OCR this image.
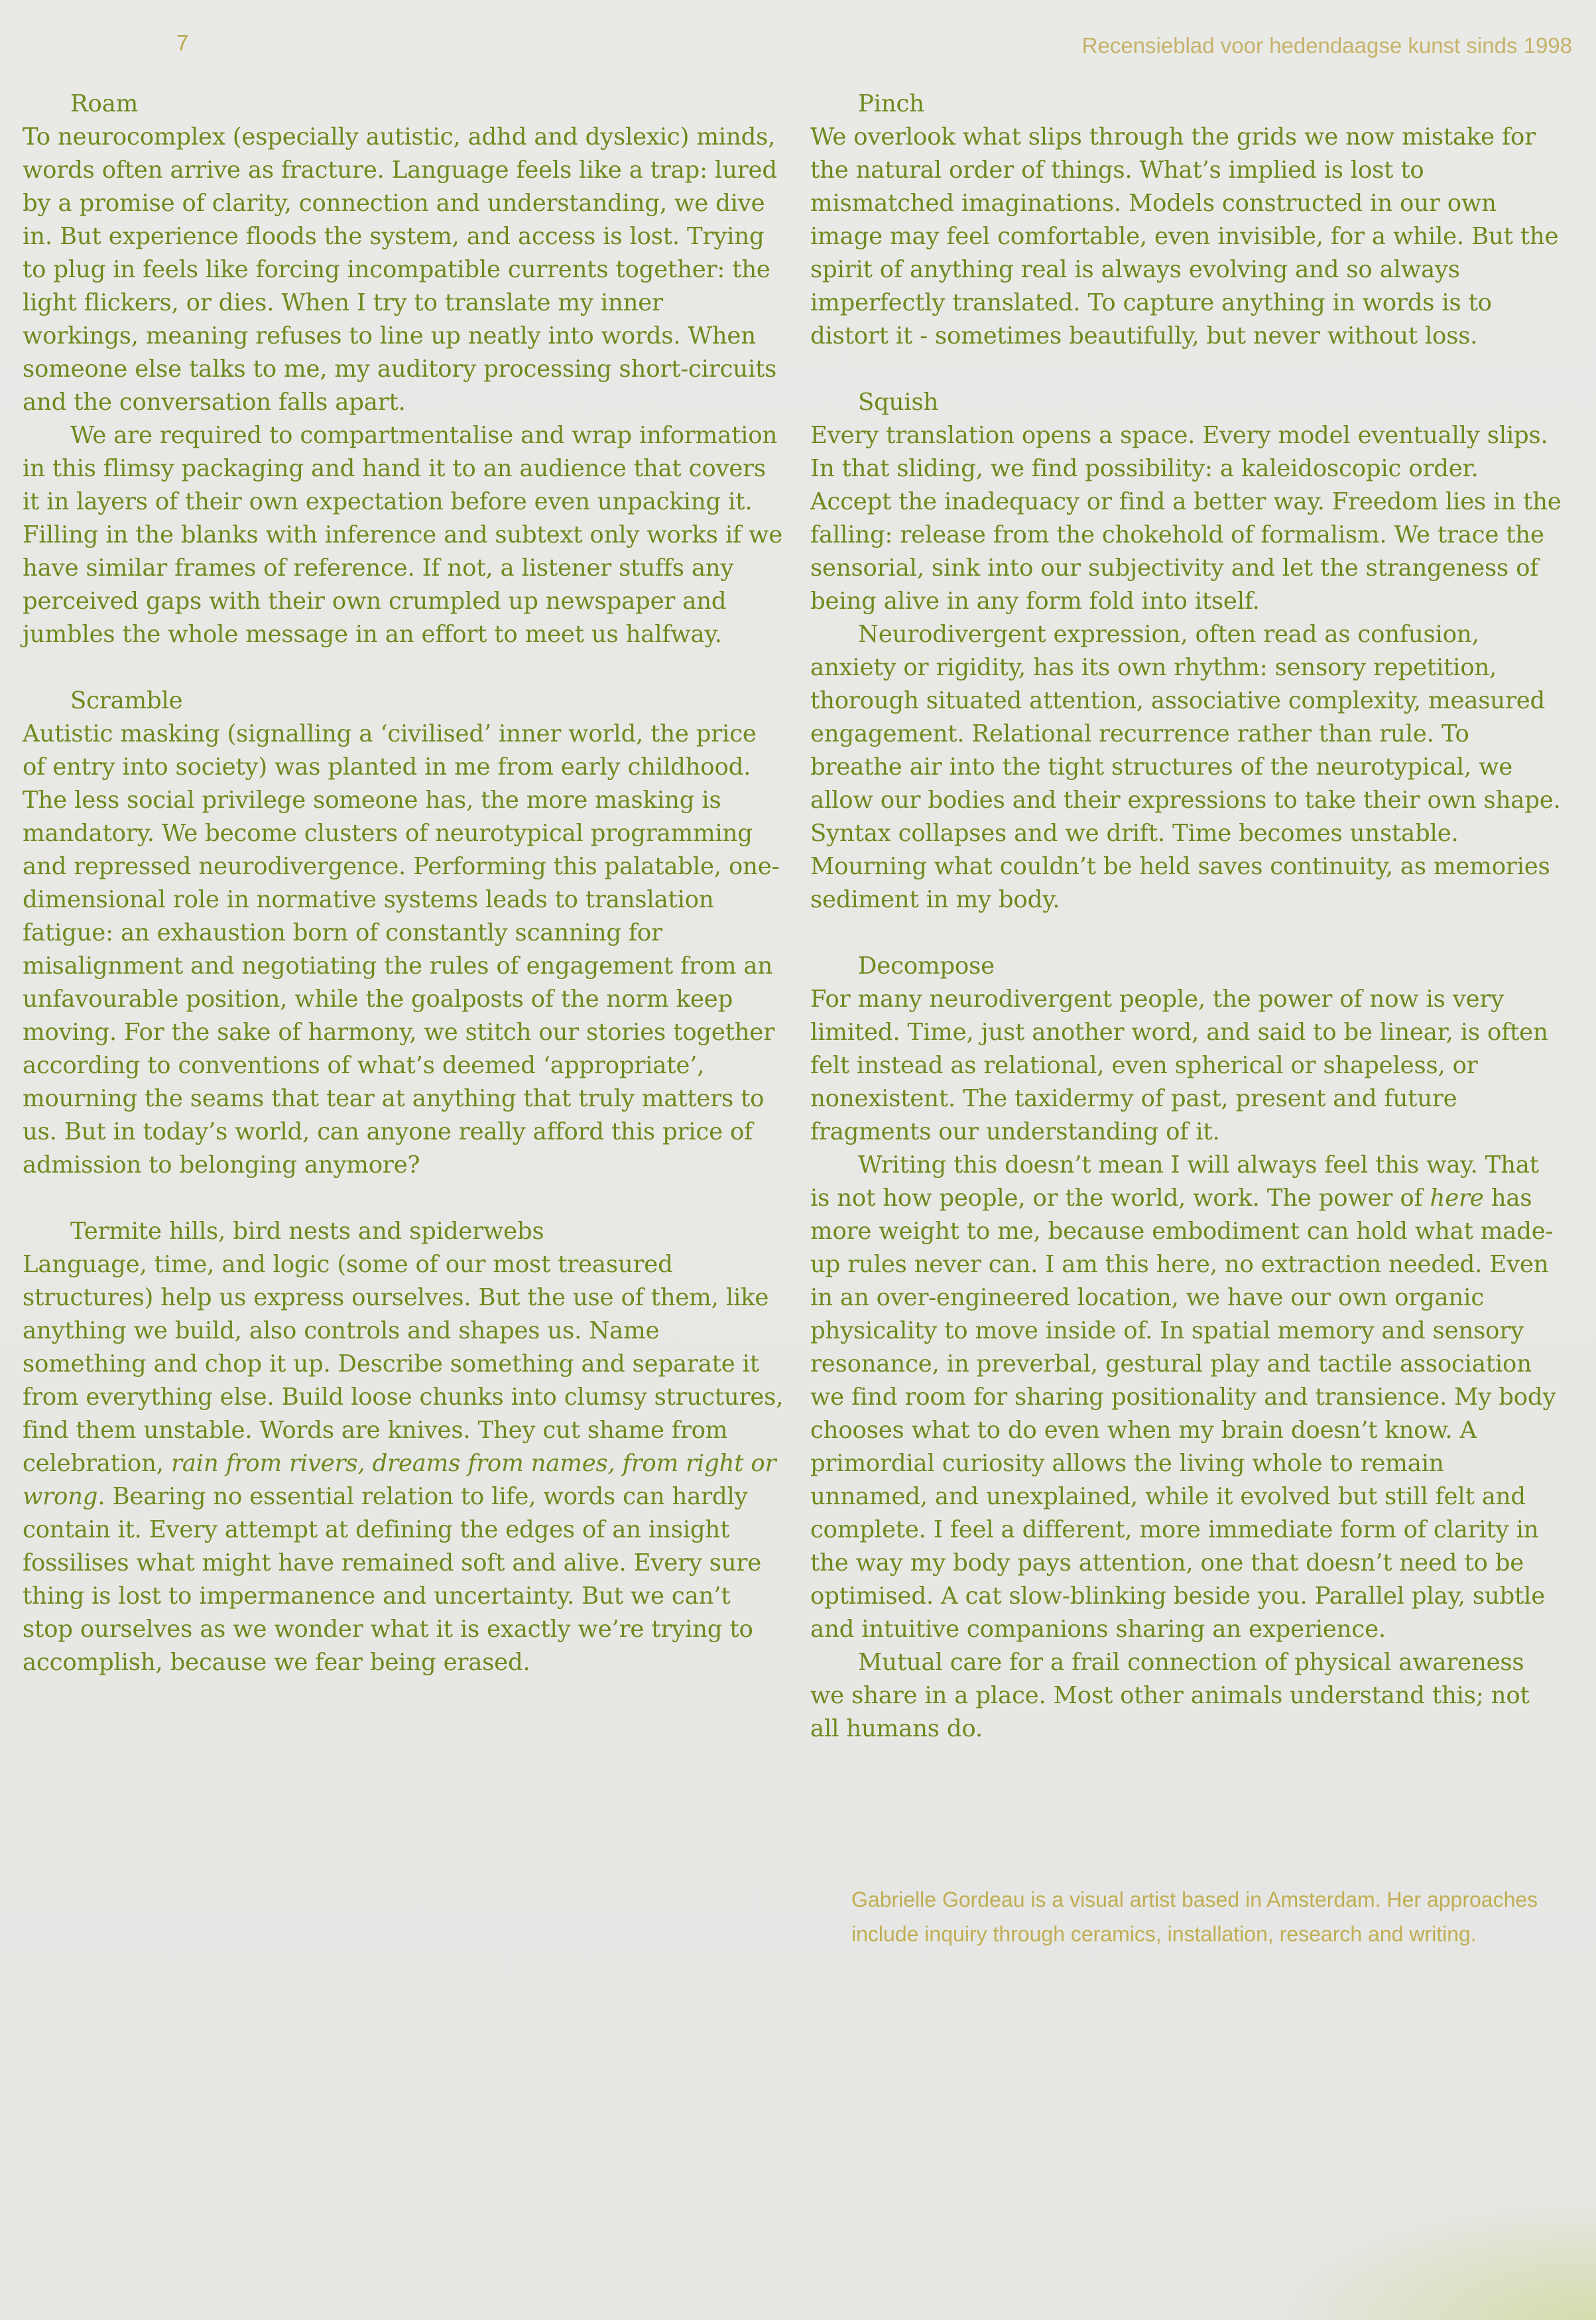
7	Recensieblad voor hedendaagse kunst sinds 1998

Roam

To neurocomplex (especially autistic, adhd and dyslexic) minds, words often arrive as fracture. Language feels like a trap: lured by a promise of clarity, connection and understanding, we dive in. But experience floods the system, and access is lost. Trying to plug in feels like forcing incompatible currents together: the light flickers, or dies. When I try to translate my inner workings, meaning refuses to line up neatly into words. When someone else talks to me, my auditory processing short-circuits and the conversation falls apart.

We are required to compartmentalise and wrap information in this flimsy packaging and hand it to an audience that covers it in layers of their own expectation before even unpacking it. Filling in the blanks with inference and subtext only works if we have similar frames of reference. If not, a listener stuffs any perceived gaps with their own crumpled up newspaper and jumbles the whole message in an effort to meet us halfway.

Scramble

Autistic masking (signalling a ‘civilised’ inner world, the price of entry into society) was planted in me from early childhood. The less social privilege someone has, the more masking is mandatory. We become clusters of neurotypical programming and repressed neurodivergence. Performing this palatable, one-dimensional role in normative systems leads to translation fatigue: an exhaustion born of constantly scanning for misalignment and negotiating the rules of engagement from an unfavourable position, while the goalposts of the norm keep moving. For the sake of harmony, we stitch our stories together according to conventions of what’s deemed ‘appropriate’, mourning the seams that tear at anything that truly matters to us. But in today’s world, can anyone really afford this price of admission to belonging anymore?

Termite hills, bird nests and spiderwebs

Language, time, and logic (some of our most treasured structures) help us express ourselves. But the use of them, like anything we build, also controls and shapes us. Name something and chop it up. Describe something and separate it from everything else. Build loose chunks into clumsy structures, find them unstable. Words are knives. They cut shame from celebration, rain from rivers, dreams from names, from right or wrong. Bearing no essential relation to life, words can hardly contain it. Every attempt at defining the edges of an insight fossilises what might have remained soft and alive. Every sure thing is lost to impermanence and uncertainty. But we can’t stop ourselves as we wonder what it is exactly we’re trying to accomplish, because we fear being erased.

Pinch

We overlook what slips through the grids we now mistake for the natural order of things. What’s implied is lost to mismatched imaginations. Models constructed in our own image may feel comfortable, even invisible, for a while. But the spirit of anything real is always evolving and so always imperfectly translated. To capture anything in words is to distort it - sometimes beautifully, but never without loss.

Squish

Every translation opens a space. Every model eventually slips. In that sliding, we find possibility: a kaleidoscopic order. Accept the inadequacy or find a better way. Freedom lies in the falling: release from the chokehold of formalism. We trace the sensorial, sink into our subjectivity and let the strangeness of being alive in any form fold into itself.

Neurodivergent expression, often read as confusion, anxiety or rigidity, has its own rhythm: sensory repetition, thorough situated attention, associative complexity, measured engagement. Relational recurrence rather than rule. To breathe air into the tight structures of the neurotypical, we allow our bodies and their expressions to take their own shape. Syntax collapses and we drift. Time becomes unstable. Mourning what couldn’t be held saves continuity, as memories sediment in my body.

Decompose

For many neurodivergent people, the power of now is very limited. Time, just another word, and said to be linear, is often felt instead as relational, even spherical or shapeless, or nonexistent. The taxidermy of past, present and future fragments our understanding of it.

Writing this doesn’t mean I will always feel this way. That is not how people, or the world, work. The power of here has more weight to me, because embodiment can hold what made-up rules never can. I am this here, no extraction needed. Even in an over-engineered location, we have our own organic physicality to move inside of. In spatial memory and sensory resonance, in preverbal, gestural play and tactile association we find room for sharing positionality and transience. My body chooses what to do even when my brain doesn’t know. A primordial curiosity allows the living whole to remain unnamed, and unexplained, while it evolved but still felt and complete. I feel a different, more immediate form of clarity in the way my body pays attention, one that doesn’t need to be optimised. A cat slow-blinking beside you. Parallel play, subtle and intuitive companions sharing an experience.

Mutual care for a frail connection of physical awareness we share in a place. Most other animals understand this; not all humans do.

Gabrielle Gordeau is a visual artist based in Amsterdam. Her approaches include inquiry through ceramics, installation, research and writing.
